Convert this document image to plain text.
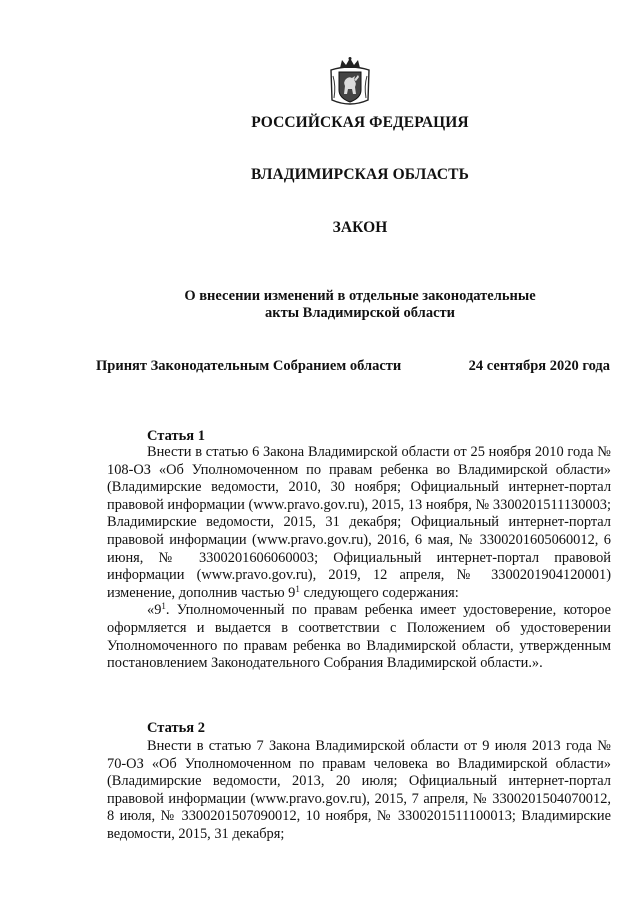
РОССИЙСКАЯ ФЕДЕРАЦИЯ
ВЛАДИМИРСКАЯ ОБЛАСТЬ
ЗАКОН
О внесении изменений в отдельные законодательные
акты Владимирской области
Принят Законодательным Собранием области	24 сентября 2020 года
Статья 1

Внести в статью 6 Закона Владимирской области от 25 ноября 2010 года № 108-ОЗ «Об Уполномоченном по правам ребенка во Владимирской области» (Владимирские ведомости, 2010, 30 ноября; Официальный интернет-портал правовой информации (www.pravo.gov.ru), 2015, 13 ноября, № 3300201511130003; Владимирские ведомости, 2015, 31 декабря; Официальный интернет-портал правовой информации (www.pravo.gov.ru), 2016, 6 мая, № 3300201605060012, 6 июня, № 3300201606060003; Официальный интернет-портал правовой информации (www.pravo.gov.ru), 2019, 12 апреля, № 3300201904120001) изменение, дополнив частью $9^1$ следующего содержания:

«$9^1$. Уполномоченный по правам ребенка имеет удостоверение, которое оформляется и выдается в соответствии с Положением об удостоверении Уполномоченного по правам ребенка во Владимирской области, утвержденным постановлением Законодательного Собрания Владимирской области.».

Статья 2

Внести в статью 7 Закона Владимирской области от 9 июля 2013 года № 70-ОЗ «Об Уполномоченном по правам человека во Владимирской области» (Владимирские ведомости, 2013, 20 июля; Официальный интернет-портал правовой информации (www.pravo.gov.ru), 2015, 7 апреля, № 3300201504070012, 8 июля, № 3300201507090012, 10 ноября, № 3300201511100013; Владимирские ведомости, 2015, 31 декабря;
